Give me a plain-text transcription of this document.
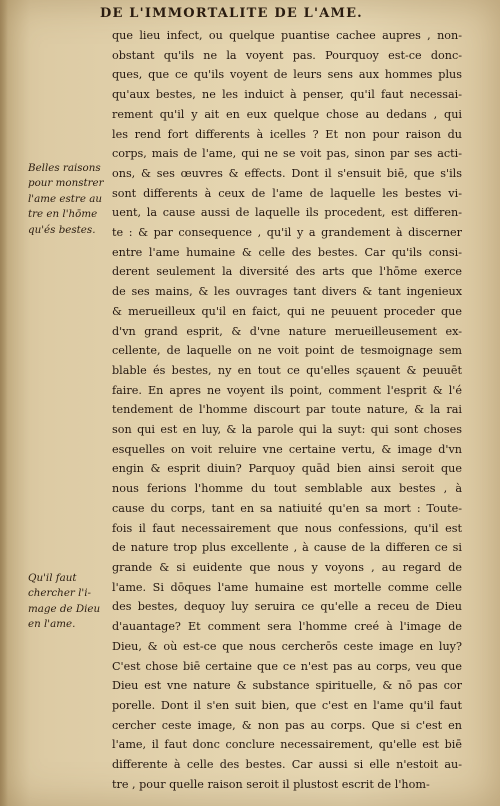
DE L'IMMORTALITE DE L'AME.
que lieu infect, ou quelque puantise cachee aupres , non-
obstant qu'ils ne la voyent pas. Pourquoy est-ce donc-
ques, que ce qu'ils voyent de leurs sens aux hommes plus
qu'aux bestes, ne les induict à penser, qu'il faut necessai-
rement qu'il y ait en eux quelque chose au dedans , qui
les rend fort differents à icelles ? Et non pour raison du
corps, mais de l'ame, qui ne se voit pas, sinon par ses acti-
ons, & ses œuvres & effects. Dont il s'ensuit biē, que s'ils
sont differents à ceux de l'ame de laquelle les bestes vi-
uent, la cause aussi de laquelle ils procedent, est differen-
te : & par consequence , qu'il y a grandement à discerner
entre l'ame humaine & celle des bestes. Car qu'ils consi-
derent seulement la diversité des arts que l'hōme exerce
de ses mains, & les ouvrages tant divers & tant ingenieux
& merueilleux qu'il en faict, qui ne peuuent proceder que
d'vn grand esprit, & d'vne nature merueilleusement ex-
cellente, de laquelle on ne voit point de tesmoignage sem
blable és bestes, ny en tout ce qu'elles sçauent & peuuēt
faire. En apres ne voyent ils point, comment l'esprit & l'é
tendement de l'homme discourt par toute nature, & la rai
son qui est en luy, & la parole qui la suyt: qui sont choses
esquelles on voit reluire vne certaine vertu, & image d'vn
engin & esprit diuin? Parquoy quād bien ainsi seroit que
nous ferions l'homme du tout semblable aux bestes , à
cause du corps, tant en sa natiuité qu'en sa mort : Toute-
fois il faut necessairement que nous confessions, qu'il est
de nature trop plus excellente , à cause de la differen ce si
grande & si euidente que nous y voyons , au regard de
l'ame. Si dōques l'ame humaine est mortelle comme celle
des bestes, dequoy luy seruira ce qu'elle a receu de Dieu
d'auantage? Et comment sera l'homme creé à l'image de
Dieu, & où est-ce que nous cercherōs ceste image en luy?
C'est chose biē certaine que ce n'est pas au corps, veu que
Dieu est vne nature & substance spirituelle, & nō pas cor
porelle. Dont il s'en suit bien, que c'est en l'ame qu'il faut
cercher ceste image, & non pas au corps. Que si c'est en
l'ame, il faut donc conclure necessairement, qu'elle est biē
differente à celle des bestes. Car aussi si elle n'estoit au-
tre , pour quelle raison seroit il plustost escrit de l'hom-
Belles raisons
pour monstrer
l'ame estre au
tre en l'hōme
qu'és bestes.
Qu'il faut
chercher l'i-
mage de Dieu
en l'ame.
